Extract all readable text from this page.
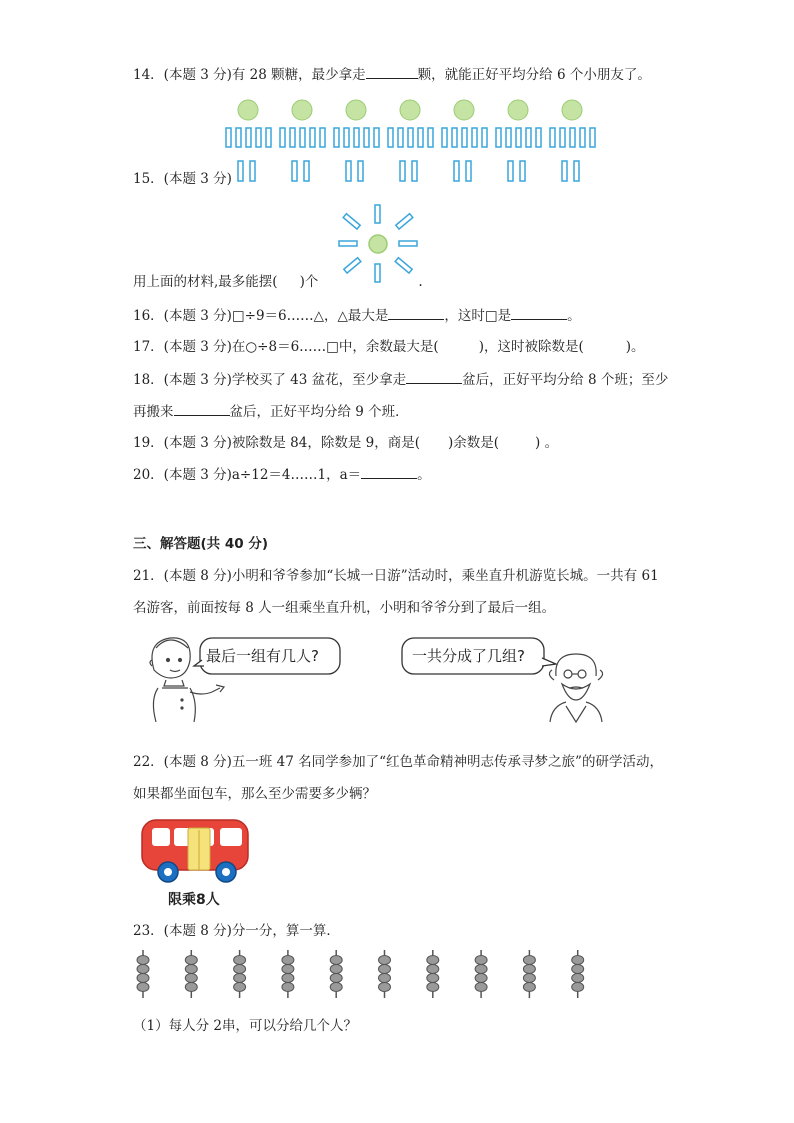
14．(本题 3 分)有 28 颗糖，最少拿走	颗，就能正好平均分给 6 个小朋友了。
15．(本题 3 分)
用上面的材料,最多能摆( )个	.
16．(本题 3 分)□÷9＝6……△，△最大是	，这时□是	。
17．(本题 3 分)在○÷8＝6……□中，余数最大是(	)，这时被除数是(	)。
18．(本题 3 分)学校买了 43 盆花，至少拿走	盆后，正好平均分给 8 个班；至少
再搬来	盆后，正好平均分给 9 个班．
19．(本题 3 分)被除数是 84，除数是 9，商是( )余数是(	) 。
20．(本题 3 分)a÷12＝4……1，a＝	。
三、解答题(共 40 分)
21．(本题 8 分)小明和爷爷参加“长城一日游”活动时，乘坐直升机游览长城。一共有 61
名游客，前面按每 8 人一组乘坐直升机，小明和爷爷分到了最后一组。
最后一组有几人?	一共分成了几组?
22．(本题 8 分)五一班 47 名同学参加了“红色革命精神明志传承寻梦之旅”的研学活动，
如果都坐面包车，那么至少需要多少辆？
限乘8人
23．(本题 8 分)分一分，算一算．
（1）每人分 2串，可以分给几个人？
